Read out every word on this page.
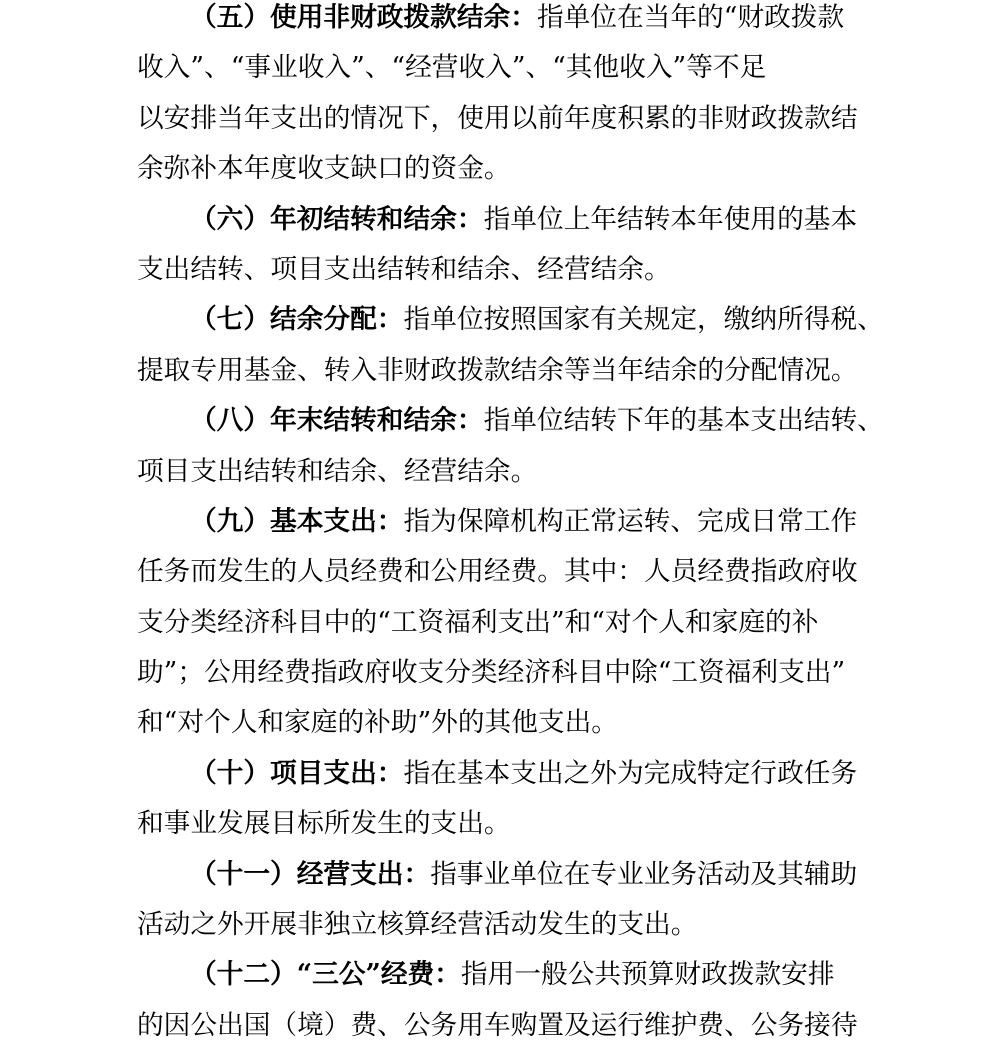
（五）使用非财政拨款结余：指单位在当年的“财政拨款
收入”、“事业收入”、“经营收入”、“其他收入”等不足
以安排当年支出的情况下，使用以前年度积累的非财政拨款结
余弥补本年度收支缺口的资金。
（六）年初结转和结余：指单位上年结转本年使用的基本
支出结转、项目支出结转和结余、经营结余。
（七）结余分配：指单位按照国家有关规定，缴纳所得税、
提取专用基金、转入非财政拨款结余等当年结余的分配情况。
（八）年末结转和结余：指单位结转下年的基本支出结转、
项目支出结转和结余、经营结余。
（九）基本支出：指为保障机构正常运转、完成日常工作
任务而发生的人员经费和公用经费。其中：人员经费指政府收
支分类经济科目中的“工资福利支出”和“对个人和家庭的补
助”；公用经费指政府收支分类经济科目中除“工资福利支出”
和“对个人和家庭的补助”外的其他支出。
（十）项目支出：指在基本支出之外为完成特定行政任务
和事业发展目标所发生的支出。
（十一）经营支出：指事业单位在专业业务活动及其辅助
活动之外开展非独立核算经营活动发生的支出。
（十二）“三公”经费：指用一般公共预算财政拨款安排
的因公出国（境）费、公务用车购置及运行维护费、公务接待
